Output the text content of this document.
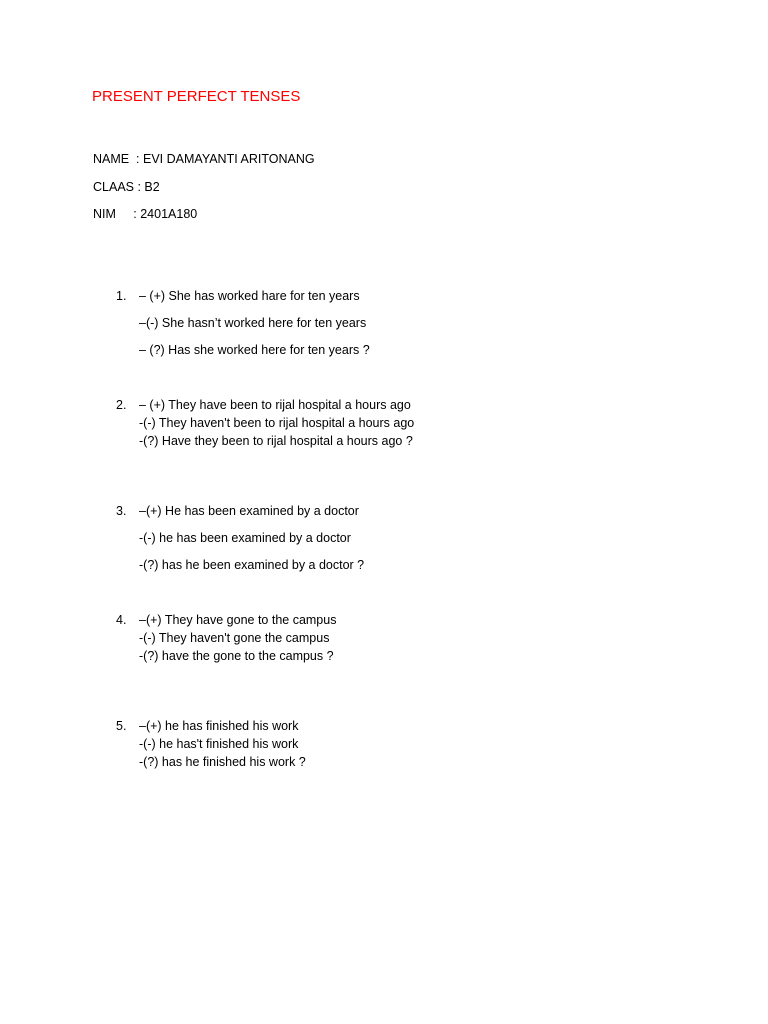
PRESENT PERFECT TENSES
NAME  : EVI DAMAYANTI ARITONANG
CLAAS : B2
NIM     : 2401A180
1. – (+) She has worked hare for ten years
–(-) She hasn’t worked here for ten years
– (?) Has she worked here for ten years ?
2. – (+) They have been to rijal hospital a hours ago
-(-) They haven't been to rijal hospital a hours ago
-(?) Have they been to rijal hospital a hours ago ?
3. –(+) He has been examined by a doctor
-(-) he has been examined by a doctor
-(?) has he been examined by a doctor ?
4. –(+) They have gone to the campus
-(-) They haven't gone the campus
-(?) have the gone to the campus ?
5. –(+) he has finished his work
-(-) he has't finished his work
-(?) has he finished his work ?
